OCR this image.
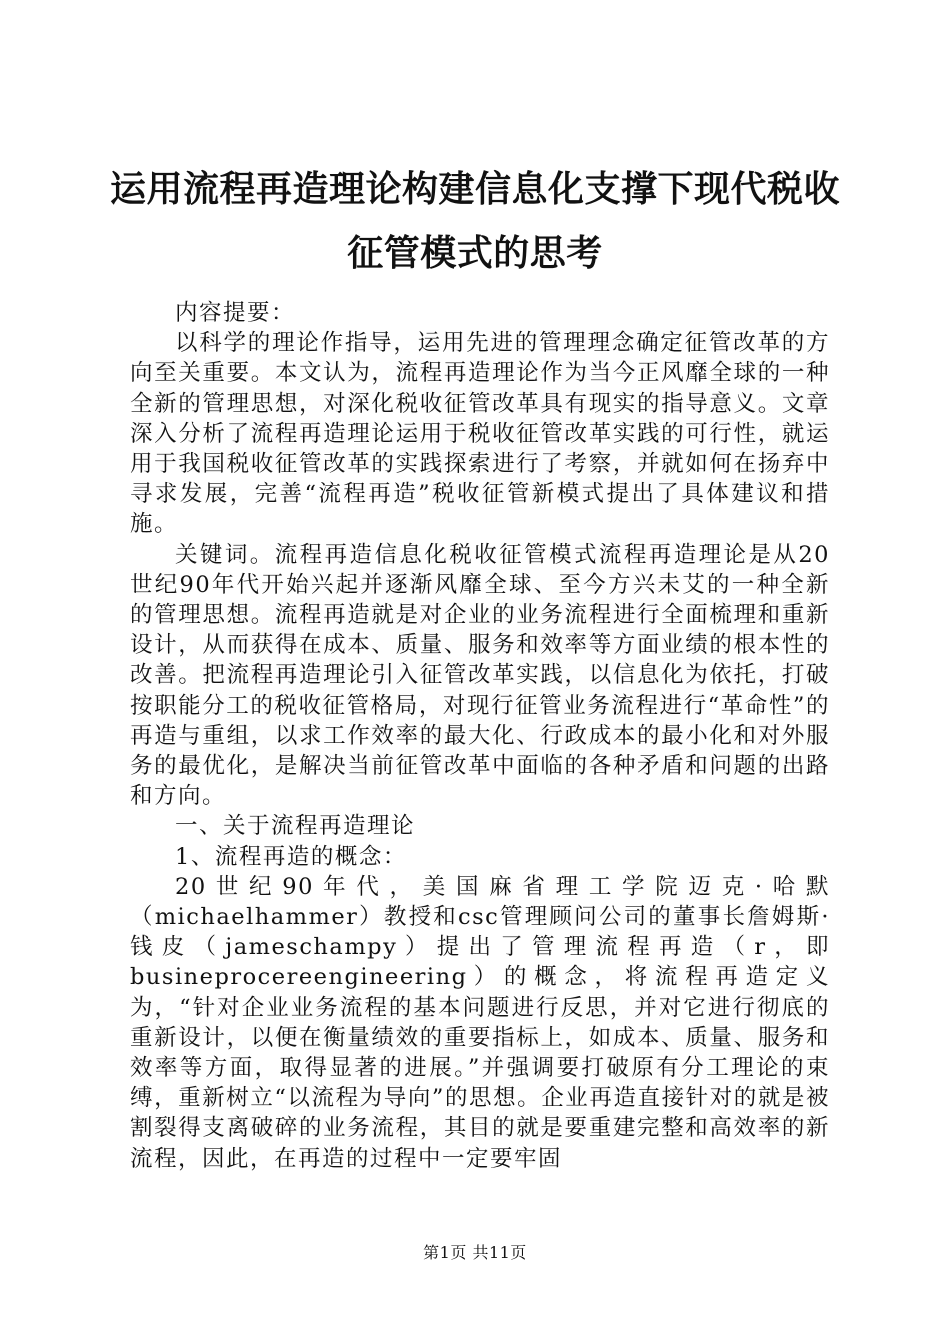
运用流程再造理论构建信息化支撑下现代税收
征管模式的思考

内容提要：

以科学的理论作指导，运用先进的管理理念确定征管改革的方向至关重要。本文认为，流程再造理论作为当今正风靡全球的一种全新的管理思想，对深化税收征管改革具有现实的指导意义。文章深入分析了流程再造理论运用于税收征管改革实践的可行性，就运用于我国税收征管改革的实践探索进行了考察，并就如何在扬弃中寻求发展，完善“流程再造”税收征管新模式提出了具体建议和措施。

关键词。流程再造信息化税收征管模式流程再造理论是从20世纪90年代开始兴起并逐渐风靡全球、至今方兴未艾的一种全新的管理思想。流程再造就是对企业的业务流程进行全面梳理和重新设计，从而获得在成本、质量、服务和效率等方面业绩的根本性的改善。把流程再造理论引入征管改革实践，以信息化为依托，打破按职能分工的税收征管格局，对现行征管业务流程进行“革命性”的再造与重组，以求工作效率的最大化、行政成本的最小化和对外服务的最优化，是解决当前征管改革中面临的各种矛盾和问题的出路和方向。

一、关于流程再造理论

1、流程再造的概念：

20世纪90年代，美国麻省理工学院迈克·哈默（michaelhammer）教授和csc管理顾问公司的董事长詹姆斯·钱皮（jameschampy）提出了管理流程再造（r，即busineprocereengineering）的概念，将流程再造定义为，“针对企业业务流程的基本问题进行反思，并对它进行彻底的重新设计，以便在衡量绩效的重要指标上，如成本、质量、服务和效率等方面，取得显著的进展。”并强调要打破原有分工理论的束缚，重新树立“以流程为导向”的思想。企业再造直接针对的就是被割裂得支离破碎的业务流程，其目的就是要重建完整和高效率的新流程，因此，在再造的过程中一定要牢固

第1页 共11页
